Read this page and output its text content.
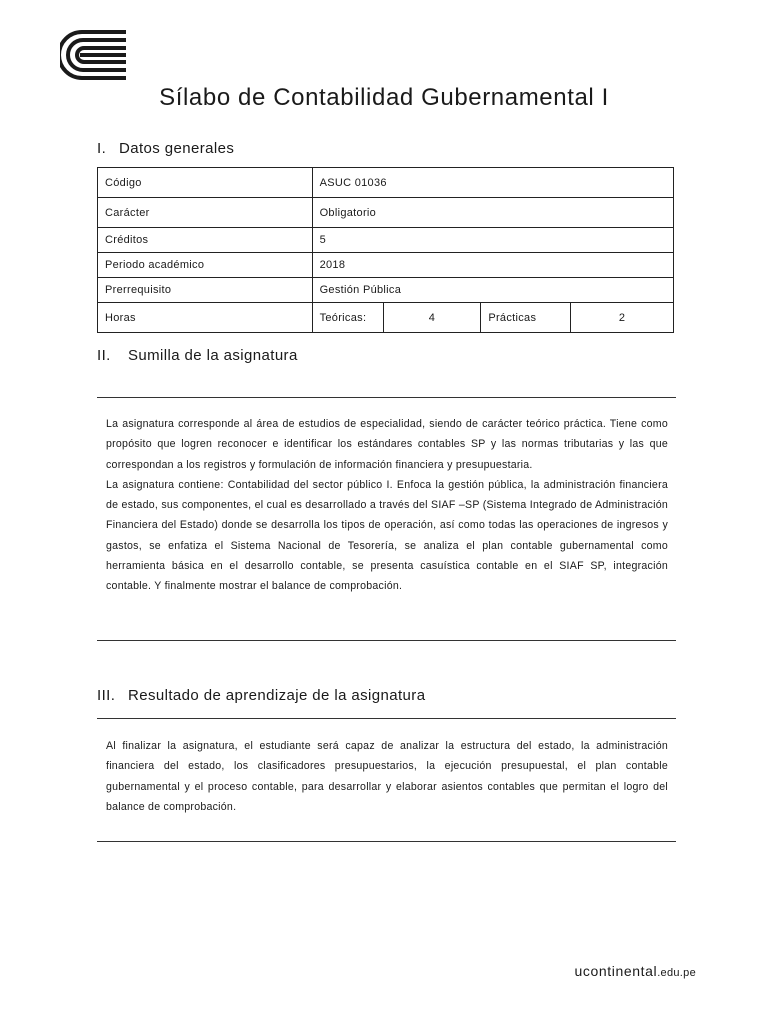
Sílabo de Contabilidad Gubernamental I
I. Datos generales
Código	ASUC 01036			
Carácter	Obligatorio			
Créditos	5			
Periodo académico	2018			
Prerrequisito	Gestión Pública			
Horas	Teóricas:	4	Prácticas	2
II. Sumilla de la asignatura

La asignatura corresponde al área de estudios de especialidad, siendo de carácter teórico práctica. Tiene como propósito que logren reconocer e identificar los estándares contables SP y las normas tributarias y las que correspondan a los registros y formulación de información financiera y presupuestaria.

La asignatura contiene: Contabilidad del sector público I. Enfoca la gestión pública, la administración financiera de estado, sus componentes, el cual es desarrollado a través del SIAF –SP (Sistema Integrado de Administración Financiera del Estado) donde se desarrolla los tipos de operación, así como todas las operaciones de ingresos y gastos, se enfatiza el Sistema Nacional de Tesorería, se analiza el plan contable gubernamental como herramienta básica en el desarrollo contable, se presenta casuística contable en el SIAF SP, integración contable. Y finalmente mostrar el balance de comprobación.

III. Resultado de aprendizaje de la asignatura

Al finalizar la asignatura, el estudiante será capaz de analizar la estructura del estado, la administración financiera del estado, los clasificadores presupuestarios, la ejecución presupuestal, el plan contable gubernamental y el proceso contable, para desarrollar y elaborar asientos contables que permitan el logro del balance de comprobación.

ucontinental.edu.pe
